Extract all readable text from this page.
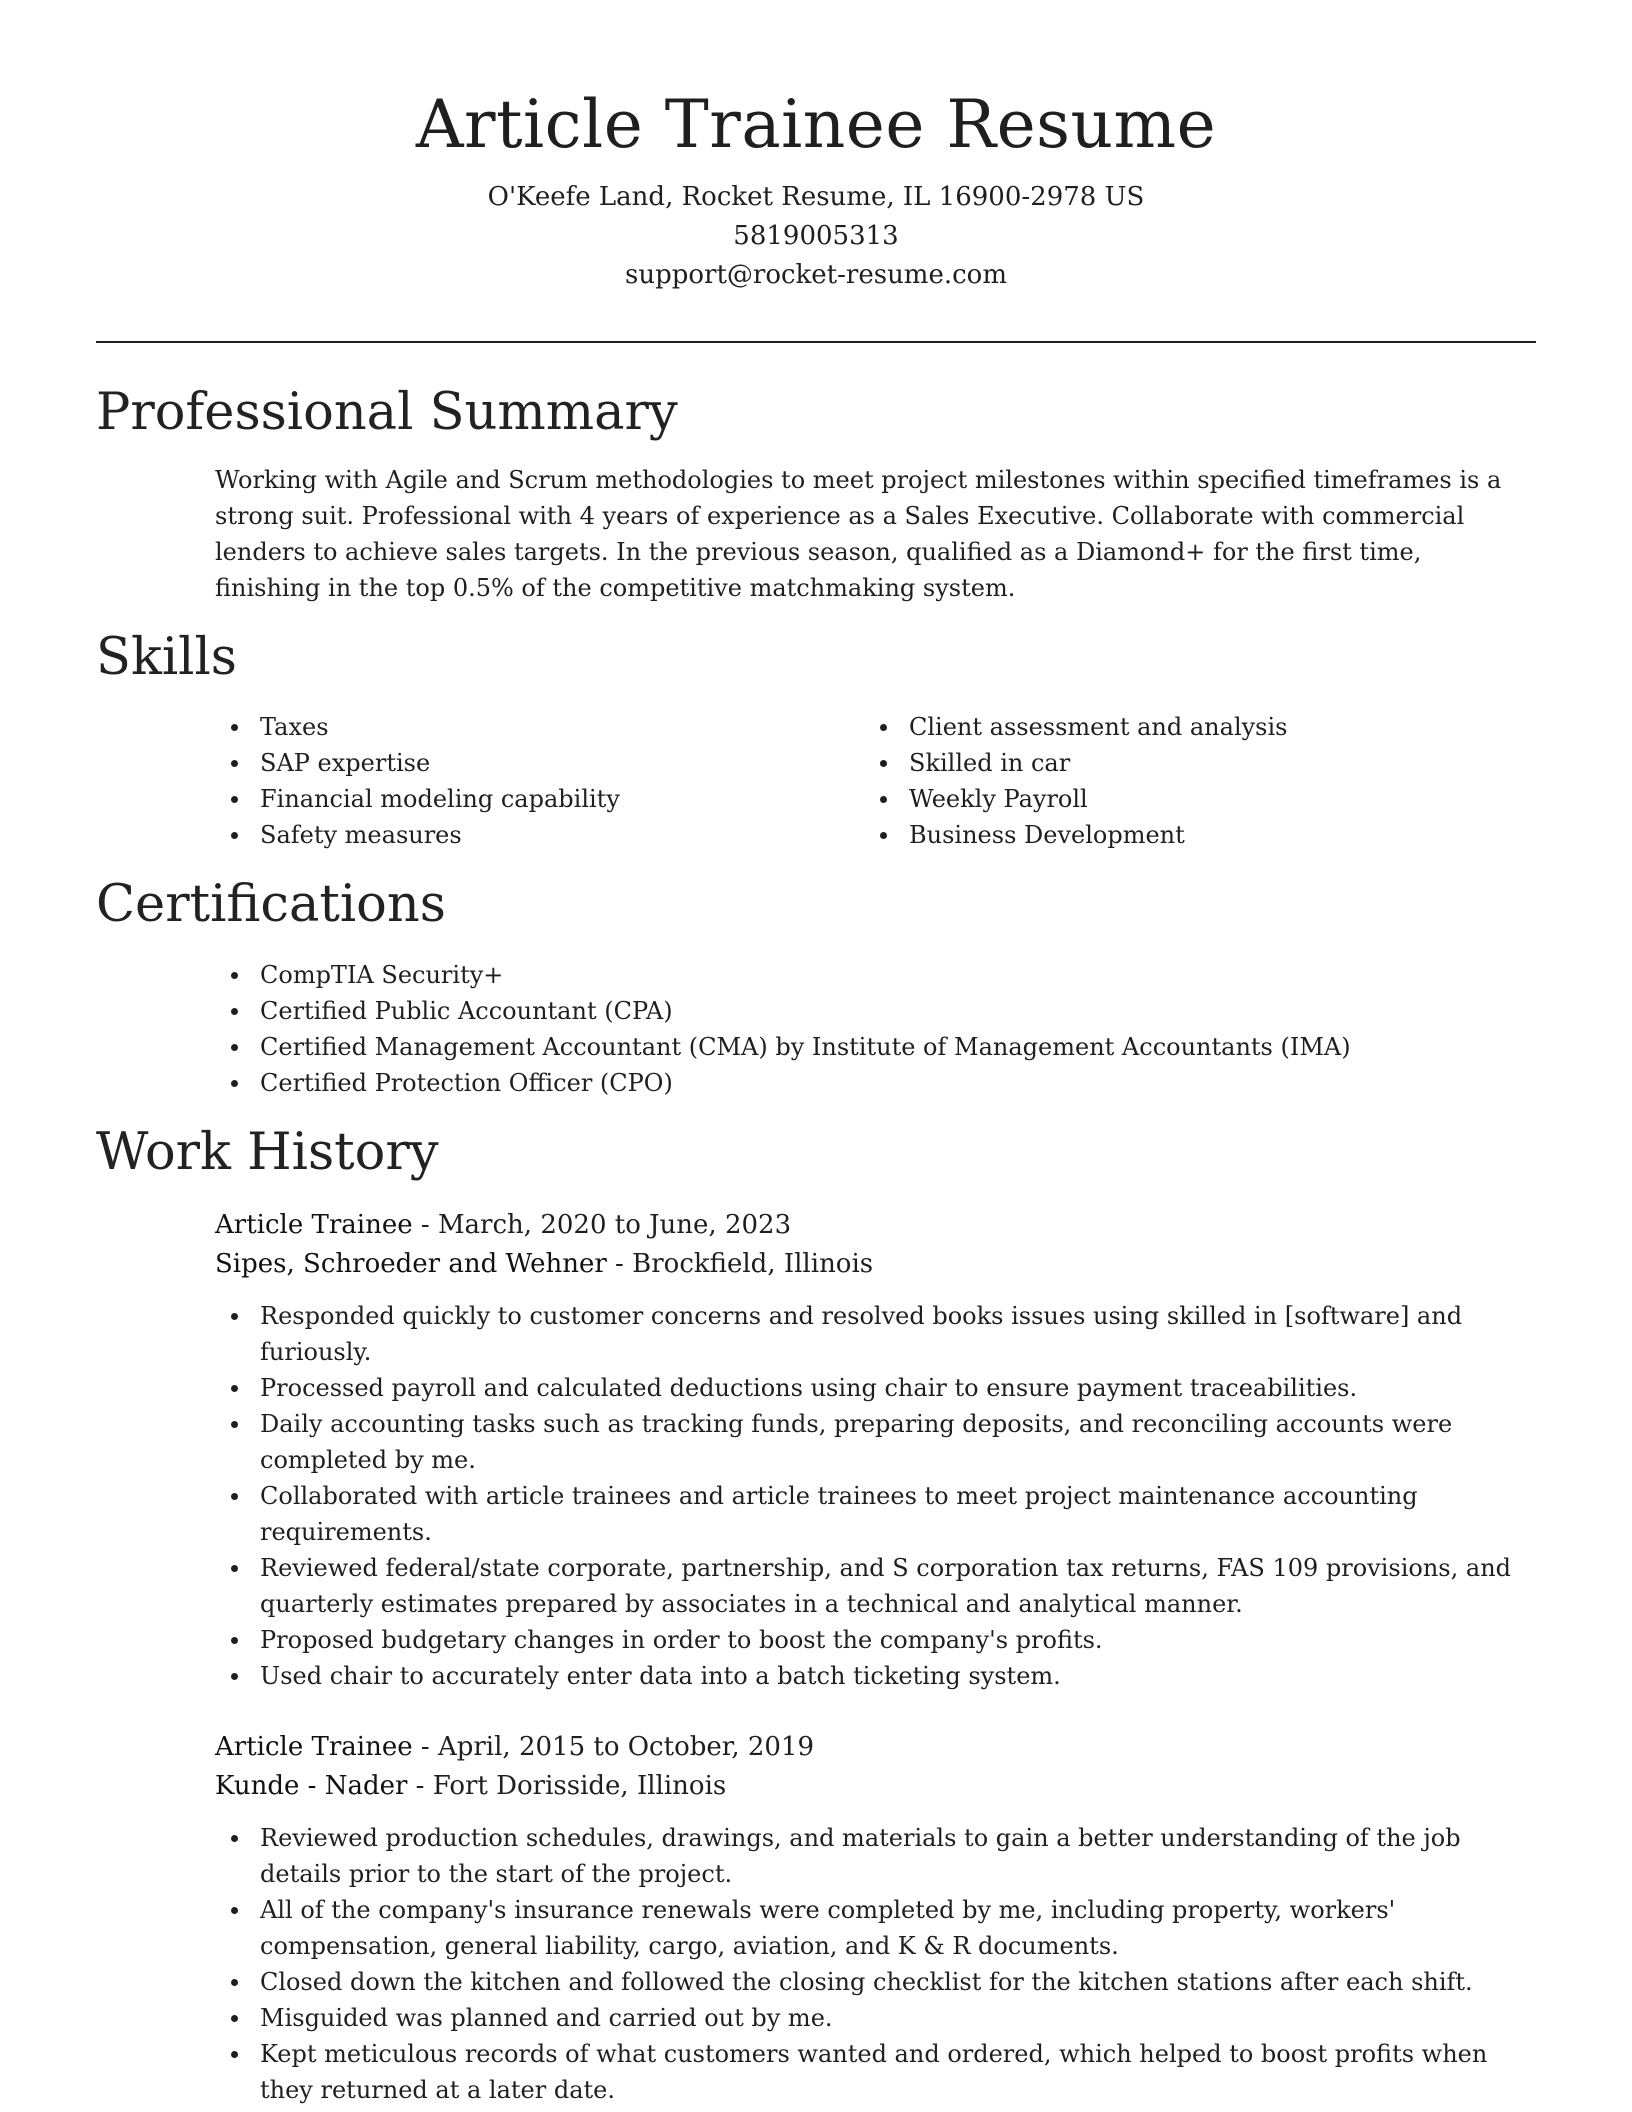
Article Trainee Resume
O'Keefe Land, Rocket Resume, IL 16900-2978 US
5819005313
support@rocket-resume.com
Professional Summary

Working with Agile and Scrum methodologies to meet project milestones within specified timeframes is a strong suit. Professional with 4 years of experience as a Sales Executive. Collaborate with commercial lenders to achieve sales targets. In the previous season, qualified as a Diamond+ for the first time, finishing in the top 0.5% of the competitive matchmaking system.

Skills
Taxes
SAP expertise
Financial modeling capability
Safety measures
Client assessment and analysis
Skilled in car
Weekly Payroll
Business Development
Certifications
CompTIA Security+
Certified Public Accountant (CPA)
Certified Management Accountant (CMA) by Institute of Management Accountants (IMA)
Certified Protection Officer (CPO)
Work History
Article Trainee - March, 2020 to June, 2023
Sipes, Schroeder and Wehner - Brockfield, Illinois
Responded quickly to customer concerns and resolved books issues using skilled in [software] and furiously.
Processed payroll and calculated deductions using chair to ensure payment traceabilities.
Daily accounting tasks such as tracking funds, preparing deposits, and reconciling accounts were completed by me.
Collaborated with article trainees and article trainees to meet project maintenance accounting requirements.
Reviewed federal/state corporate, partnership, and S corporation tax returns, FAS 109 provisions, and quarterly estimates prepared by associates in a technical and analytical manner.
Proposed budgetary changes in order to boost the company's profits.
Used chair to accurately enter data into a batch ticketing system.
Article Trainee - April, 2015 to October, 2019
Kunde - Nader - Fort Dorisside, Illinois
Reviewed production schedules, drawings, and materials to gain a better understanding of the job details prior to the start of the project.
All of the company's insurance renewals were completed by me, including property, workers' compensation, general liability, cargo, aviation, and K & R documents.
Closed down the kitchen and followed the closing checklist for the kitchen stations after each shift.
Misguided was planned and carried out by me.
Kept meticulous records of what customers wanted and ordered, which helped to boost profits when they returned at a later date.
